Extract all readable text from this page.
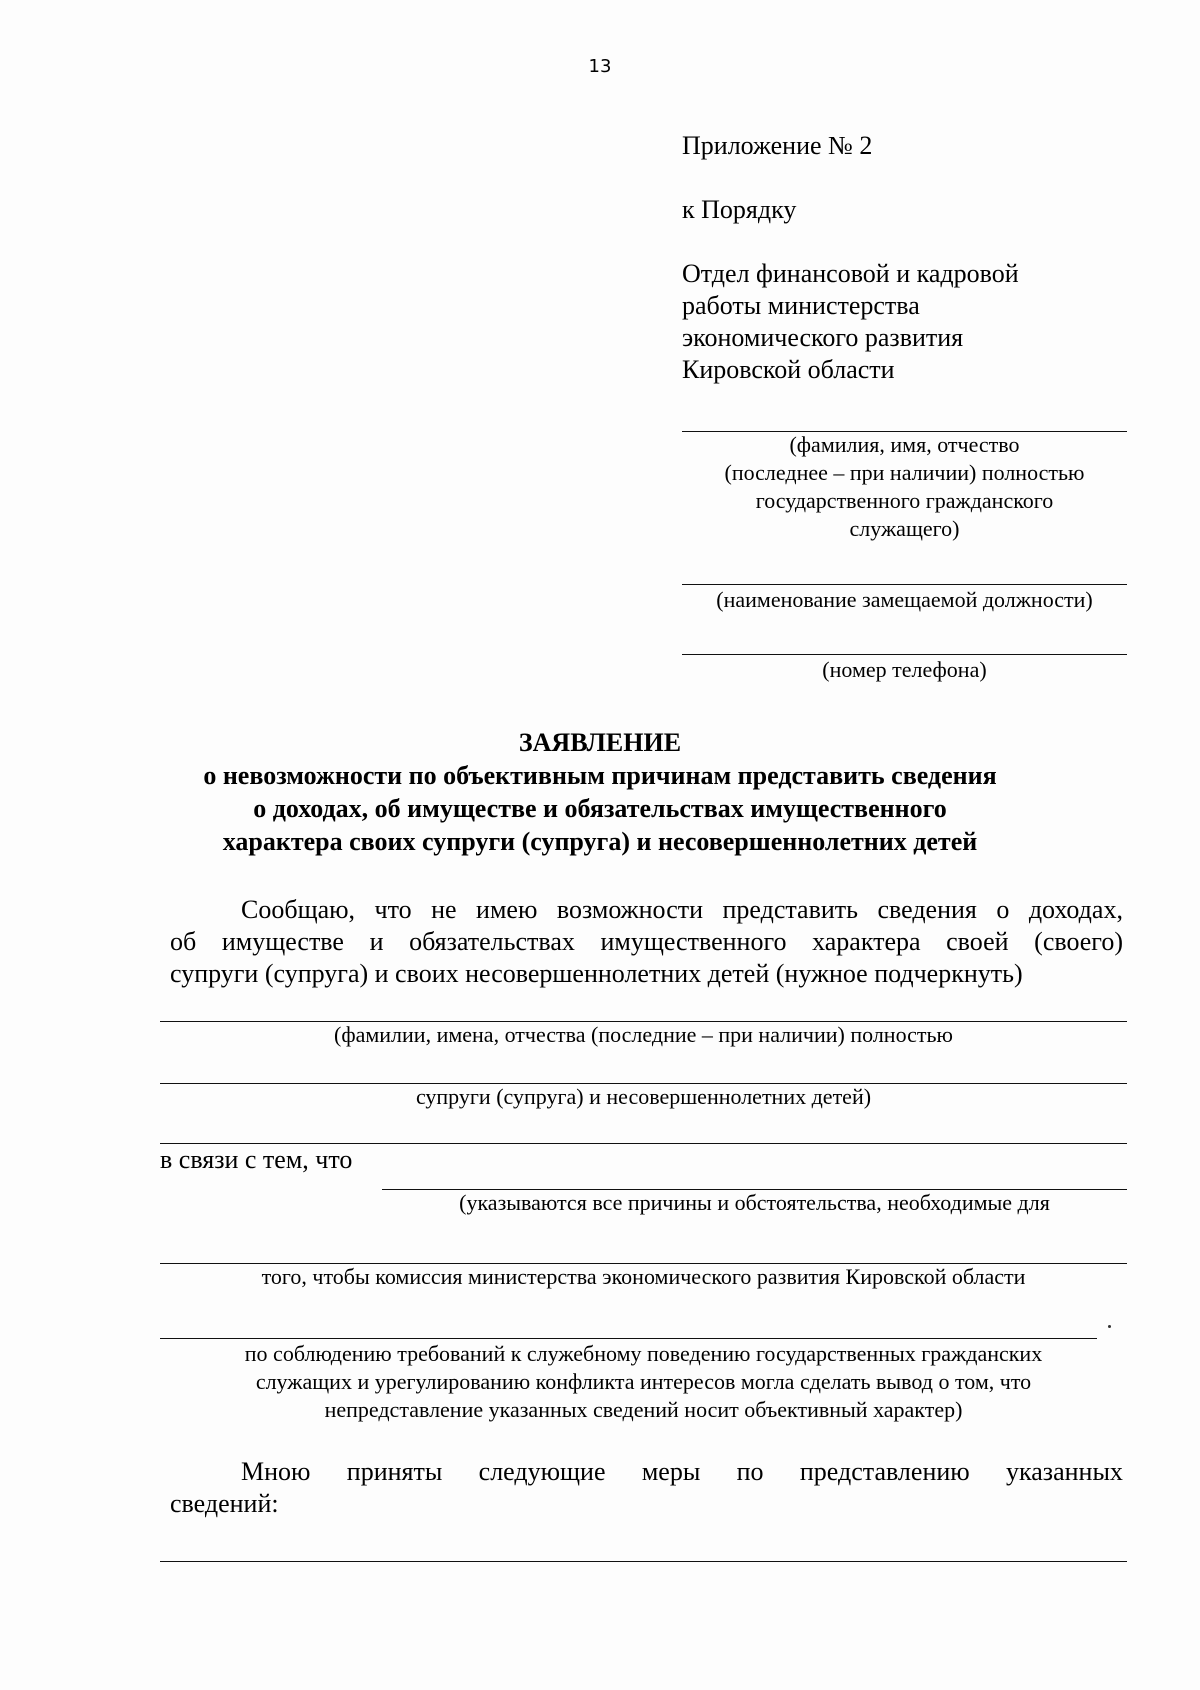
13
Приложение № 2
к Порядку
Отдел финансовой и кадровой
работы министерства
экономического развития
Кировской области
(фамилия, имя, отчество
(последнее – при наличии) полностью
государственного гражданского
служащего)
(наименование замещаемой должности)
(номер телефона)
ЗАЯВЛЕНИЕ
о невозможности по объективным причинам представить сведения
о доходах, об имуществе и обязательствах имущественного
характера своих супруги (супруга) и несовершеннолетних детей
Сообщаю, что не имею возможности представить сведения о доходах,
об имуществе и обязательствах имущественного характера своей (своего)
супруги (супруга) и своих несовершеннолетних детей (нужное подчеркнуть)
(фамилии, имена, отчества (последние – при наличии) полностью
супруги (супруга) и несовершеннолетних детей)
в связи с тем, что
(указываются все причины и обстоятельства, необходимые для
того, чтобы комиссия министерства экономического развития Кировской области
по соблюдению требований к служебному поведению государственных гражданских
служащих и урегулированию конфликта интересов могла сделать вывод о том, что
непредставление указанных сведений носит объективный характер)
Мною приняты следующие меры по представлению указанных
сведений:
